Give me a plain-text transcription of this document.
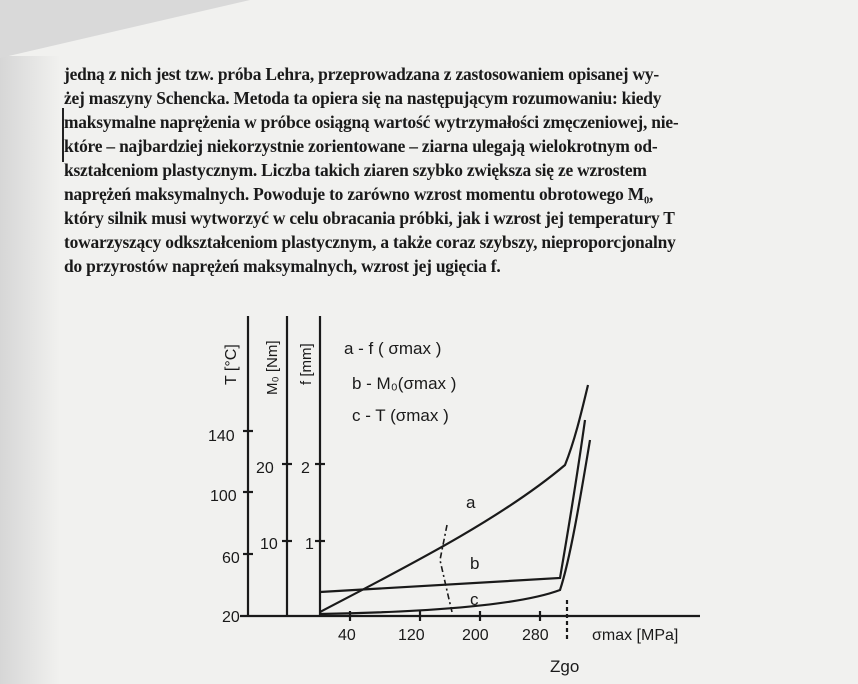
jedną z nich jest tzw. próba Lehra, przeprowadzana z zastosowaniem opisanej wy-
żej maszyny Schencka. Metoda ta opiera się na następującym rozumowaniu: kiedy
maksymalne naprężenia w próbce osiągną wartość wytrzymałości zmęczeniowej, nie-
które – najbardziej niekorzystnie zorientowane – ziarna ulegają wielokrotnym od-
kształceniom plastycznym. Liczba takich ziaren szybko zwiększa się ze wzrostem
naprężeń maksymalnych. Powoduje to zarówno wzrost momentu obrotowego M₀,
który silnik musi wytworzyć w celu obracania próbki, jak i wzrost jej temperatury T
towarzyszący odkształceniom plastycznym, a także coraz szybszy, nieproporcjonalny
do przyrostów naprężeń maksymalnych, wzrost jej ugięcia f.
T [°C] M₀ [Nm] f [mm]
140
100
60
20
20
10
2
1
40	120 200 280	σmax [MPa]
Zgo
a - f ( σmax )
b - M₀(σmax )
c - T (σmax )
a
b
c
